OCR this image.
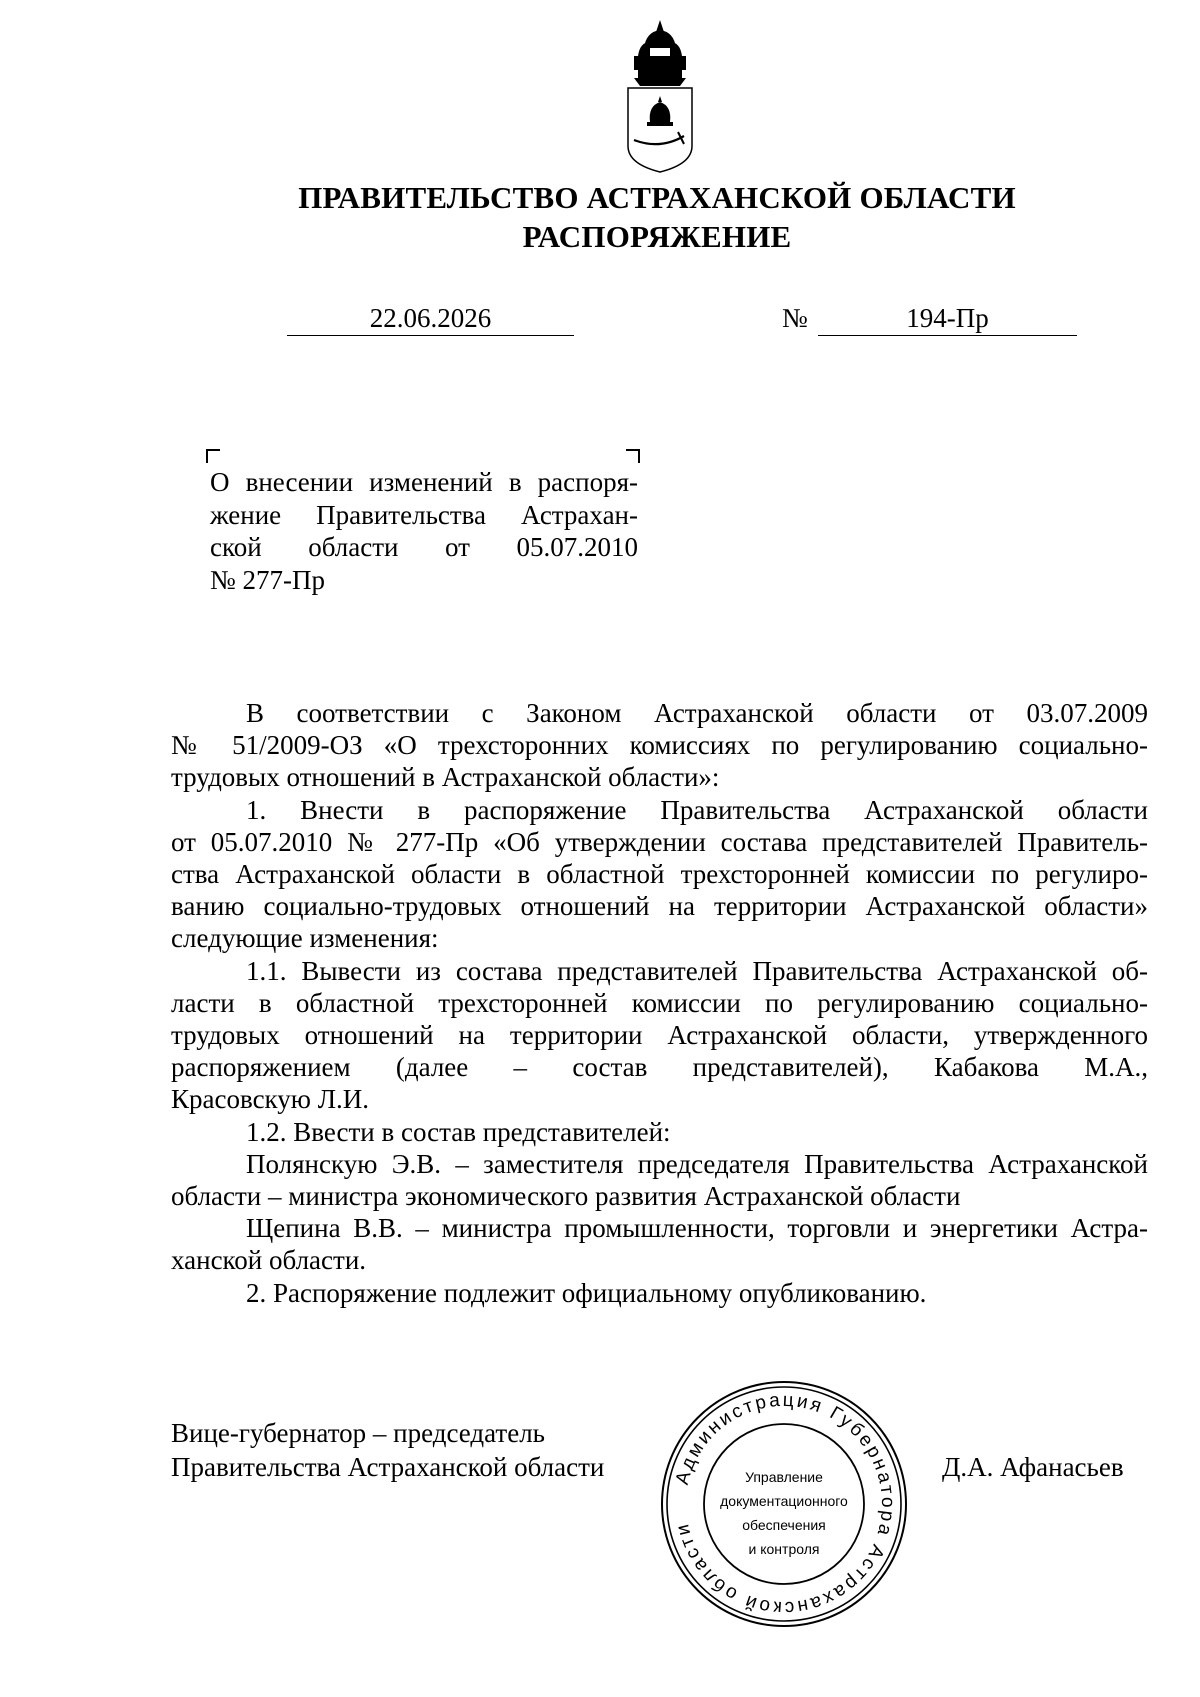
ПРАВИТЕЛЬСТВО АСТРАХАНСКОЙ ОБЛАСТИ
РАСПОРЯЖЕНИЕ
22.06.2026	№	194-Пр
О внесении изменений в распоря-
жение Правительства Астрахан-
ской области от 05.07.2010
№ 277-Пр
В соответствии с Законом Астраханской области от 03.07.2009
№ 51/2009-ОЗ «О трехсторонних комиссиях по регулированию социально-
трудовых отношений в Астраханской области»:
1. Внести в распоряжение Правительства Астраханской области
от 05.07.2010 № 277-Пр «Об утверждении состава представителей Правитель-
ства Астраханской области в областной трехсторонней комиссии по регулиро-
ванию социально-трудовых отношений на территории Астраханской области»
следующие изменения:
1.1. Вывести из состава представителей Правительства Астраханской об-
ласти в областной трехсторонней комиссии по регулированию социально-
трудовых отношений на территории Астраханской области, утвержденного
распоряжением (далее – состав представителей), Кабакова М.А.,
Красовскую Л.И.
1.2. Ввести в состав представителей:
Полянскую Э.В. – заместителя председателя Правительства Астраханской
области – министра экономического развития Астраханской области
Щепина В.В. – министра промышленности, торговли и энергетики Астра-
ханской области.
2. Распоряжение подлежит официальному опубликованию.
Вице-губернатор – председатель
Правительства Астраханской области	Д.А. Афанасьев
Администрация Губернатора Астраханской области
Управление
документационного
обеспечения
и контроля
